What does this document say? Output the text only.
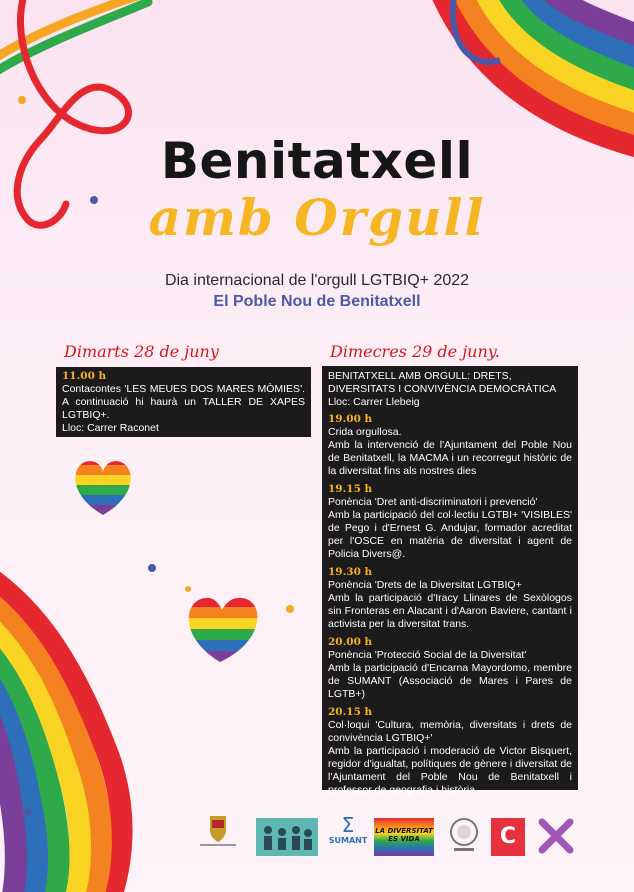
Benitatxell
amb Orgull
Dia internacional de l'orgull LGTBIQ+ 2022
El Poble Nou de Benitatxell
Dimarts 28 de juny

11.00 h

Contacontes 'LES MEUES DOS MARES MÒMIES'. A continuació hi haurà un TALLER DE XAPES LGTBIQ+.

Lloc: Carrer Raconet

Dimecres 29 de juny.

BENITATXELL AMB ORGULL: DRETS, DIVERSITATS I CONVIVÈNCIA DEMOCRÀTICA

Lloc: Carrer Llebeig

19.00 h

Crida orgullosa.

Amb la intervenció de l'Ajuntament del Poble Nou de Benitatxell, la MACMA i un recorregut històric de la diversitat fins als nostres dies

19.15 h

Ponència 'Dret anti-discriminatori i prevenció'

Amb la participació del col·lectiu LGTBI+ 'VISIBLES' de Pego i d'Ernest G. Andujar, formador acreditat per l'OSCE en matèria de diversitat i agent de Policia Divers@.

19.30 h

Ponència 'Drets de la Diversitat LGTBIQ+

Amb la participació d'Iracy Llinares de Sexòlogos sin Fronteras en Alacant i d'Aaron Baviere, cantant i activista per la diversitat trans.

20.00 h

Ponència 'Protecció Social de la Diversitat'

Amb la participació d'Encarna Mayordomo, membre de SUMANT (Associació de Mares i Pares de LGTB+)

20.15 h

Col·loqui 'Cultura, memòria, diversitats i drets de convivència LGTBIQ+'

Amb la participació i moderació de Victor Bisquert, regidor d'igualtat, polítiques de gènere i diversitat de l'Ajuntament del Poble Nou de Benitatxell i professor de geografia i història.

Σ
SUMANT
LA DIVERSITAT
ES VIDA	C
